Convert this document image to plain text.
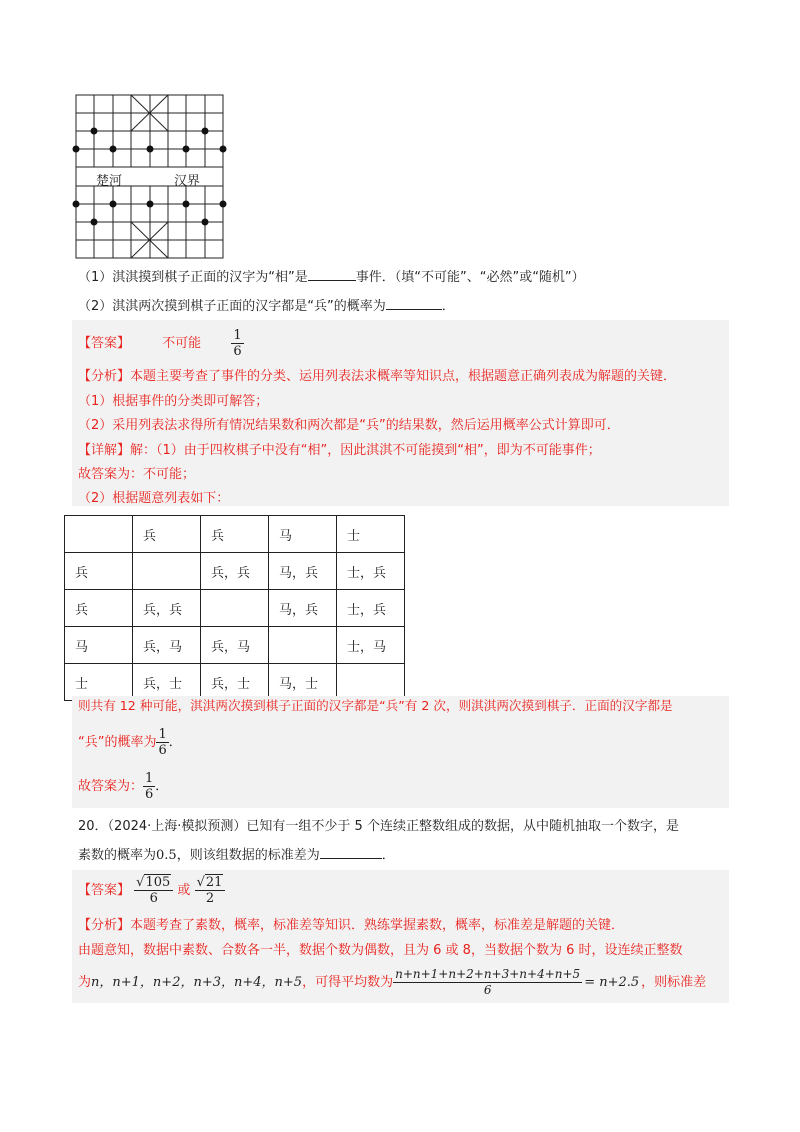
楚河	汉界
（1）淇淇摸到棋子正面的汉字为“相”是	事件．（填“不可能”、“必然”或“随机”）
（2）淇淇两次摸到棋子正面的汉字都是“兵”的概率为	．
【答案】 不可能 $\frac{1}{6}$
【分析】本题主要考查了事件的分类、运用列表法求概率等知识点，根据题意正确列表成为解题的关键．
（1）根据事件的分类即可解答；
（2）采用列表法求得所有情况结果数和两次都是“兵”的结果数，然后运用概率公式计算即可．
【详解】解：（1）由于四枚棋子中没有“相”，因此淇淇不可能摸到“相”，即为不可能事件；
故答案为：不可能；
（2）根据题意列表如下：
	兵	兵	马	士
兵		兵，兵	马，兵	士，兵
兵	兵，兵		马，兵	士，兵
马	兵，马	兵，马		士，马
士	兵，士	兵，士	马，士	
则共有 12 种可能，淇淇两次摸到棋子正面的汉字都是“兵”有 2 次，则淇淇两次摸到棋子．正面的汉字都是
“兵”的概率为 $\frac{1}{6}$ ．
故答案为： $\frac{1}{6}$ ．
20．（2024·上海·模拟预测）已知有一组不少于 5 个连续正整数组成的数据，从中随机抽取一个数字，是
素数的概率为0.5，则该组数据的标准差为	．
【答案】 $\frac{√105}{6}$ 或 $\frac{√21}{2}$
【分析】本题考查了素数，概率，标准差等知识．熟练掌握素数，概率，标准差是解题的关键．
由题意知，数据中素数、合数各一半，数据个数为偶数，且为 6 或 8，当数据个数为 6 时，设连续正整数
为n，n+1，n+2，n+3，n+4，n+5，可得平均数为 $\frac{n+n+1+n+2+n+3+n+4+n+5}{6} = n+2.5$ ，则标准差
